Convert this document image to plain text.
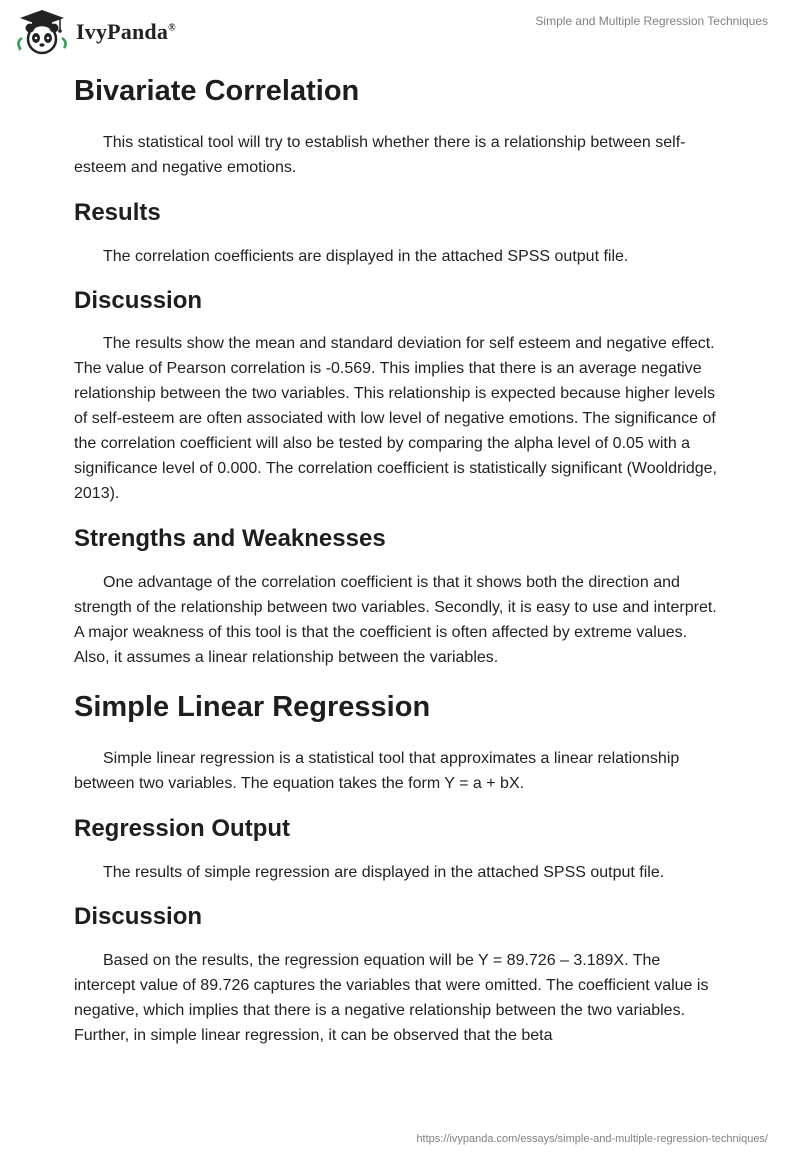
IvyPanda®
Simple and Multiple Regression Techniques
Bivariate Correlation

This statistical tool will try to establish whether there is a relationship between self-esteem and negative emotions.

Results

The correlation coefficients are displayed in the attached SPSS output file.

Discussion

The results show the mean and standard deviation for self esteem and negative effect. The value of Pearson correlation is -0.569. This implies that there is an average negative relationship between the two variables. This relationship is expected because higher levels of self-esteem are often associated with low level of negative emotions. The significance of the correlation coefficient will also be tested by comparing the alpha level of 0.05 with a significance level of 0.000. The correlation coefficient is statistically significant (Wooldridge, 2013).

Strengths and Weaknesses

One advantage of the correlation coefficient is that it shows both the direction and strength of the relationship between two variables. Secondly, it is easy to use and interpret. A major weakness of this tool is that the coefficient is often affected by extreme values. Also, it assumes a linear relationship between the variables.

Simple Linear Regression

Simple linear regression is a statistical tool that approximates a linear relationship between two variables. The equation takes the form Y = a + bX.

Regression Output

The results of simple regression are displayed in the attached SPSS output file.

Discussion

Based on the results, the regression equation will be Y = 89.726 – 3.189X. The intercept value of 89.726 captures the variables that were omitted. The coefficient value is negative, which implies that there is a negative relationship between the two variables. Further, in simple linear regression, it can be observed that the beta

https://ivypanda.com/essays/simple-and-multiple-regression-techniques/
